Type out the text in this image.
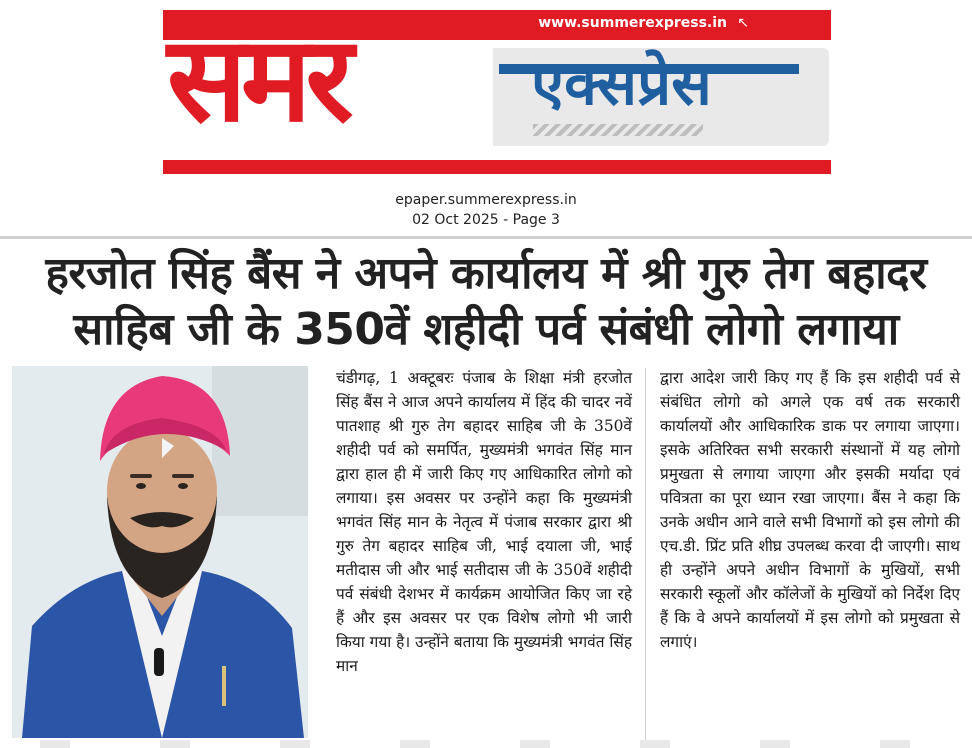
www.summerexpress.in ↖
समर	एक्सप्रेस
epaper.summerexpress.in
02 Oct 2025 - Page 3
हरजोत सिंह बैंस ने अपने कार्यालय में श्री गुरु तेग बहादर
साहिब जी के 350वें शहीदी पर्व संबंधी लोगो लगाया
चंडीगढ़, 1 अक्टूबरः पंजाब के शिक्षा मंत्री हरजोत सिंह बैंस ने आज अपने कार्यालय में हिंद की चादर नवें पातशाह श्री गुरु तेग बहादर साहिब जी के 350वें शहीदी पर्व को समर्पित, मुख्यमंत्री भगवंत सिंह मान द्वारा हाल ही में जारी किए गए आधिकारित लोगो को लगाया। इस अवसर पर उन्होंने कहा कि मुख्यमंत्री भगवंत सिंह मान के नेतृत्व में पंजाब सरकार द्वारा श्री गुरु तेग बहादर साहिब जी, भाई दयाला जी, भाई मतीदास जी और भाई सतीदास जी के 350वें शहीदी पर्व संबंधी देशभर में कार्यक्रम आयोजित किए जा रहे हैं और इस अवसर पर एक विशेष लोगो भी जारी किया गया है। उन्होंने बताया कि मुख्यमंत्री भगवंत सिंह मान
द्वारा आदेश जारी किए गए हैं कि इस शहीदी पर्व से संबंधित लोगो को अगले एक वर्ष तक सरकारी कार्यालयों और आधिकारिक डाक पर लगाया जाएगा। इसके अतिरिक्त सभी सरकारी संस्थानों में यह लोगो प्रमुखता से लगाया जाएगा और इसकी मर्यादा एवं पवित्रता का पूरा ध्यान रखा जाएगा। बैंस ने कहा कि उनके अधीन आने वाले सभी विभागों को इस लोगो की एच.डी. प्रिंट प्रति शीघ्र उपलब्ध करवा दी जाएगी। साथ ही उन्होंने अपने अधीन विभागों के मुखियों, सभी सरकारी स्कूलों और कॉलेजों के मुखियों को निर्देश दिए हैं कि वे अपने कार्यालयों में इस लोगो को प्रमुखता से लगाएं।
